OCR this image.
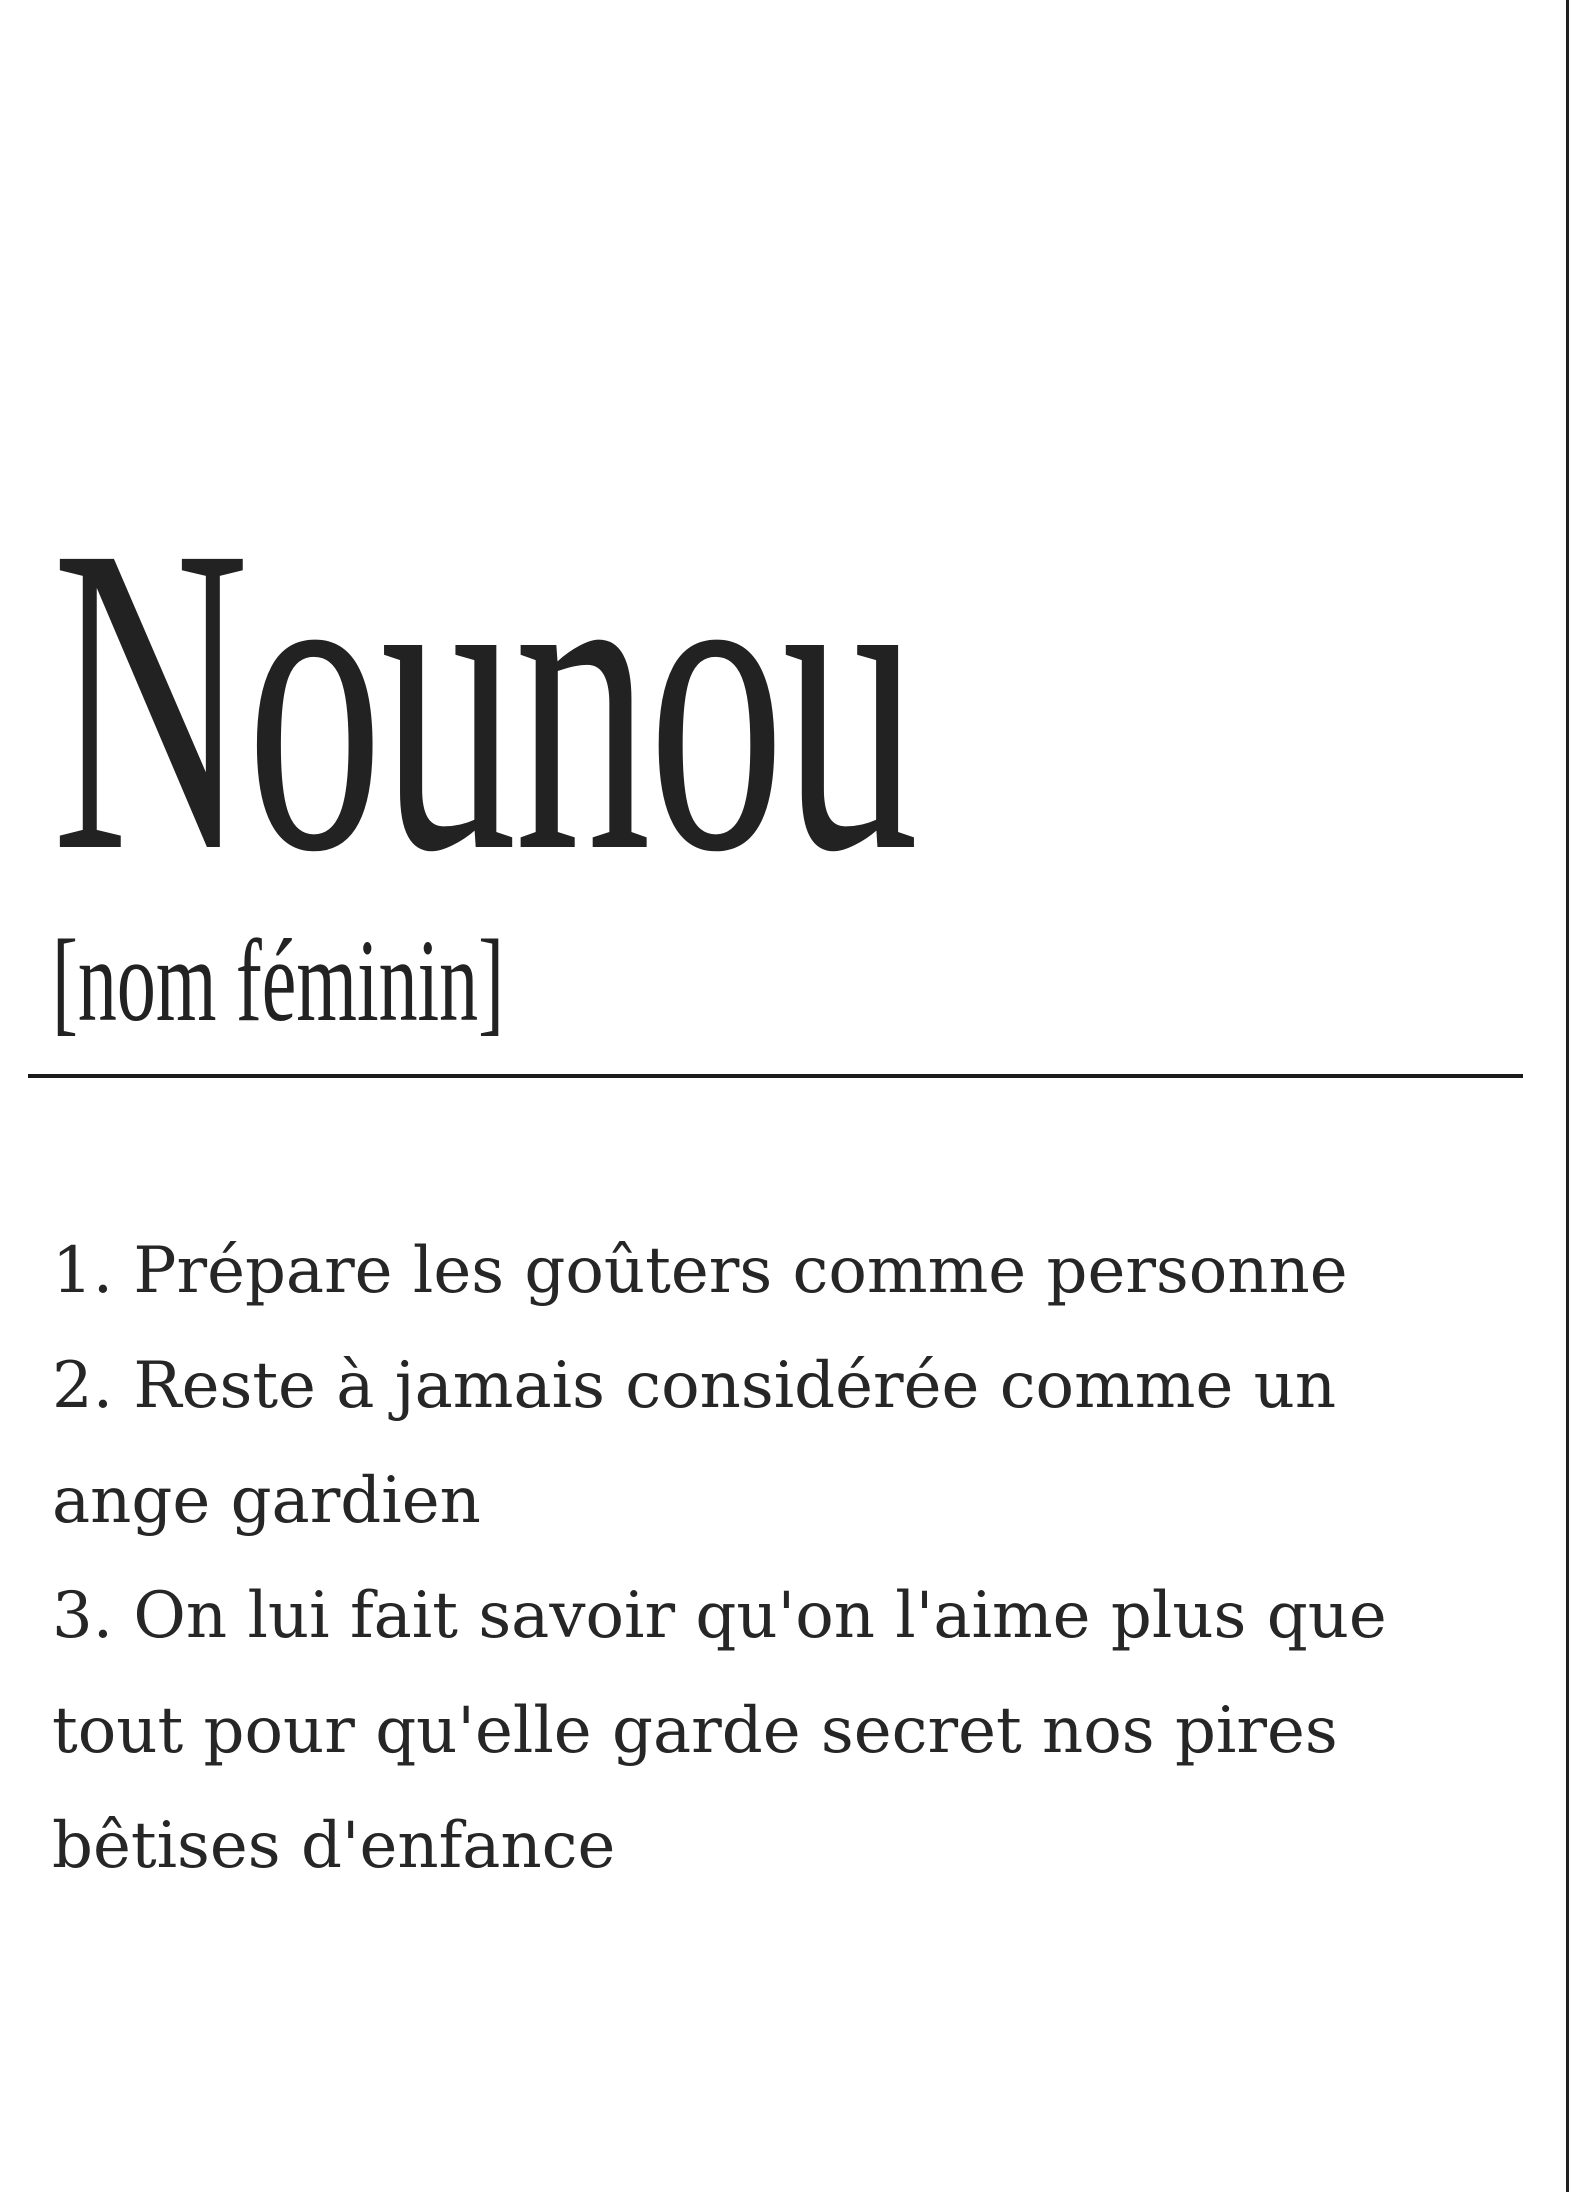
Nounou
[nom féminin]
1. Prépare les goûters comme personne
2. Reste à jamais considérée comme un
ange gardien
3. On lui fait savoir qu'on l'aime plus que
tout pour qu'elle garde secret nos pires
bêtises d'enfance
